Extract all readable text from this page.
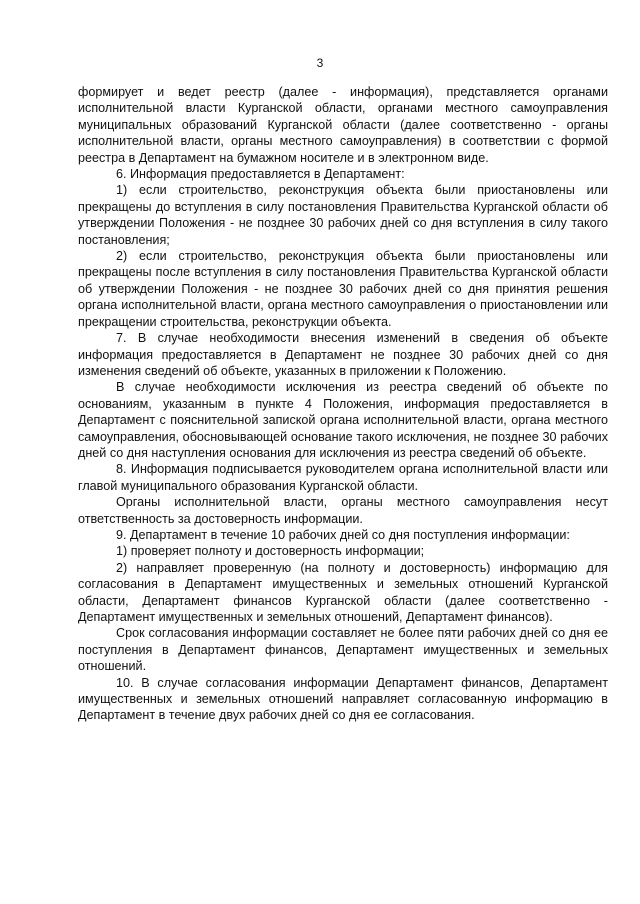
3

формирует и ведет реестр (далее - информация), представляется органами исполнительной власти Курганской области, органами местного самоуправления муниципальных образований Курганской области (далее соответственно - органы исполнительной власти, органы местного самоуправления) в соответствии с формой реестра в Департамент на бумажном носителе и в электронном виде.

6. Информация предоставляется в Департамент:

1) если строительство, реконструкция объекта были приостановлены или прекращены до вступления в силу постановления Правительства Курганской области об утверждении Положения - не позднее 30 рабочих дней со дня вступления в силу такого постановления;

2) если строительство, реконструкция объекта были приостановлены или прекращены после вступления в силу постановления Правительства Курганской области об утверждении Положения - не позднее 30 рабочих дней со дня принятия решения органа исполнительной власти, органа местного самоуправления о приостановлении или прекращении строительства, реконструкции объекта.

7. В случае необходимости внесения изменений в сведения об объекте информация предоставляется в Департамент не позднее 30 рабочих дней со дня изменения сведений об объекте, указанных в приложении к Положению.

В случае необходимости исключения из реестра сведений об объекте по основаниям, указанным в пункте 4 Положения, информация предоставляется в Департамент с пояснительной запиской органа исполнительной власти, органа местного самоуправления, обосновывающей основание такого исключения, не позднее 30 рабочих дней со дня наступления основания для исключения из реестра сведений об объекте.

8. Информация подписывается руководителем органа исполнительной власти или главой муниципального образования Курганской области.

Органы исполнительной власти, органы местного самоуправления несут ответственность за достоверность информации.

9. Департамент в течение 10 рабочих дней со дня поступления информации:

1) проверяет полноту и достоверность информации;

2) направляет проверенную (на полноту и достоверность) информацию для согласования в Департамент имущественных и земельных отношений Курганской области, Департамент финансов Курганской области (далее соответственно - Департамент имущественных и земельных отношений, Департамент финансов).

Срок согласования информации составляет не более пяти рабочих дней со дня ее поступления в Департамент финансов, Департамент имущественных и земельных отношений.

10. В случае согласования информации Департамент финансов, Департамент имущественных и земельных отношений направляет согласованную информацию в Департамент в течение двух рабочих дней со дня ее согласования.
